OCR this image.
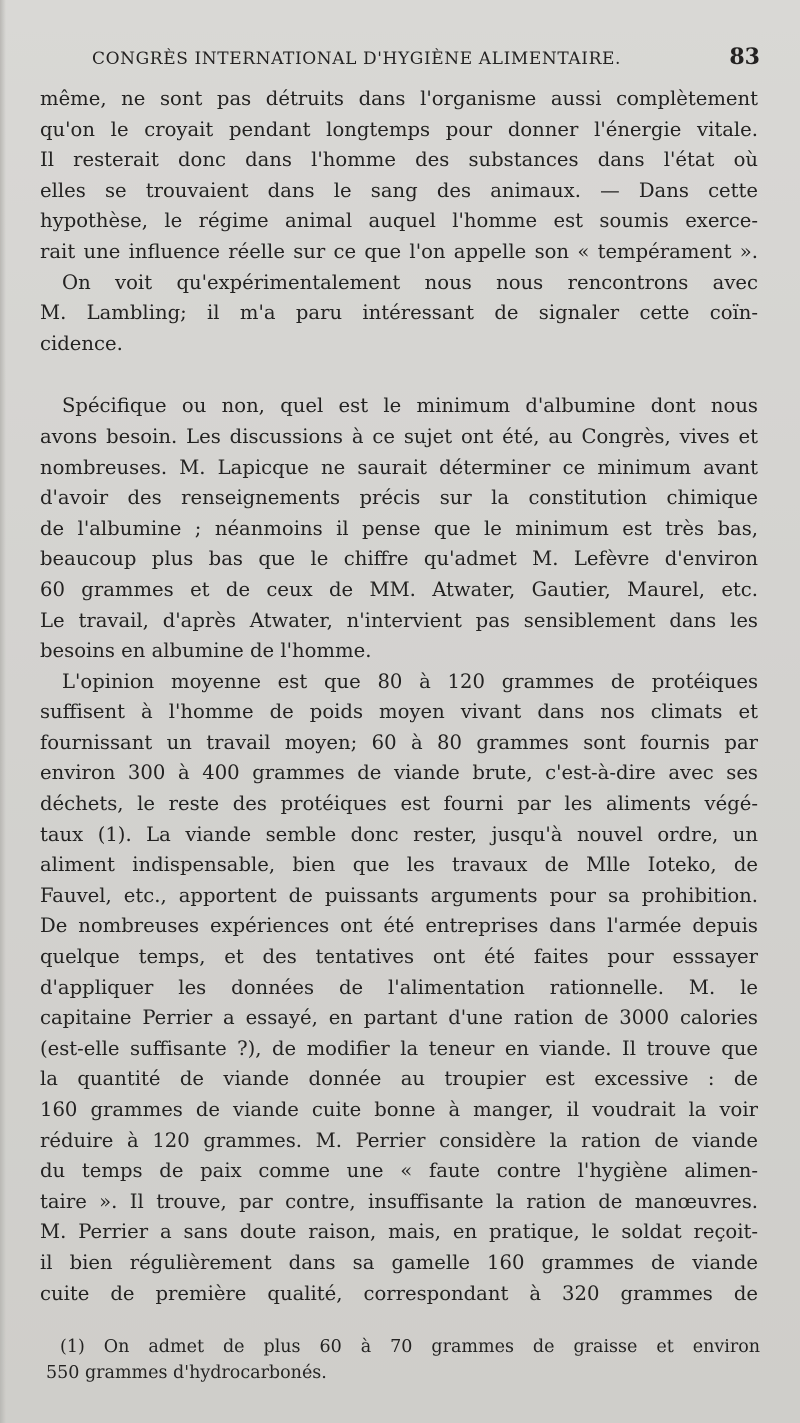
CONGRÈS INTERNATIONAL D'HYGIÈNE ALIMENTAIRE.	83
même, ne sont pas détruits dans l'organisme aussi complètement
qu'on le croyait pendant longtemps pour donner l'énergie vitale.
Il resterait donc dans l'homme des substances dans l'état où
elles se trouvaient dans le sang des animaux. — Dans cette
hypothèse, le régime animal auquel l'homme est soumis exerce-
rait une influence réelle sur ce que l'on appelle son « tempérament ».
On voit qu'expérimentalement nous nous rencontrons avec
M. Lambling; il m'a paru intéressant de signaler cette coïn-
cidence.
Spécifique ou non, quel est le minimum d'albumine dont nous
avons besoin. Les discussions à ce sujet ont été, au Congrès, vives et
nombreuses. M. Lapicque ne saurait déterminer ce minimum avant
d'avoir des renseignements précis sur la constitution chimique
de l'albumine ; néanmoins il pense que le minimum est très bas,
beaucoup plus bas que le chiffre qu'admet M. Lefèvre d'environ
60 grammes et de ceux de MM. Atwater, Gautier, Maurel, etc.
Le travail, d'après Atwater, n'intervient pas sensiblement dans les
besoins en albumine de l'homme.
L'opinion moyenne est que 80 à 120 grammes de protéiques
suffisent à l'homme de poids moyen vivant dans nos climats et
fournissant un travail moyen; 60 à 80 grammes sont fournis par
environ 300 à 400 grammes de viande brute, c'est-à-dire avec ses
déchets, le reste des protéiques est fourni par les aliments végé-
taux (1). La viande semble donc rester, jusqu'à nouvel ordre, un
aliment indispensable, bien que les travaux de Mlle Ioteko, de
Fauvel, etc., apportent de puissants arguments pour sa prohibition.
De nombreuses expériences ont été entreprises dans l'armée depuis
quelque temps, et des tentatives ont été faites pour esssayer
d'appliquer les données de l'alimentation rationnelle. M. le
capitaine Perrier a essayé, en partant d'une ration de 3000 calories
(est-elle suffisante ?), de modifier la teneur en viande. Il trouve que
la quantité de viande donnée au troupier est excessive : de
160 grammes de viande cuite bonne à manger, il voudrait la voir
réduire à 120 grammes. M. Perrier considère la ration de viande
du temps de paix comme une « faute contre l'hygiène alimen-
taire ». Il trouve, par contre, insuffisante la ration de manœuvres.
M. Perrier a sans doute raison, mais, en pratique, le soldat reçoit-
il bien régulièrement dans sa gamelle 160 grammes de viande
cuite de première qualité, correspondant à 320 grammes de
(1) On admet de plus 60 à 70 grammes de graisse et environ
550 grammes d'hydrocarbonés.
